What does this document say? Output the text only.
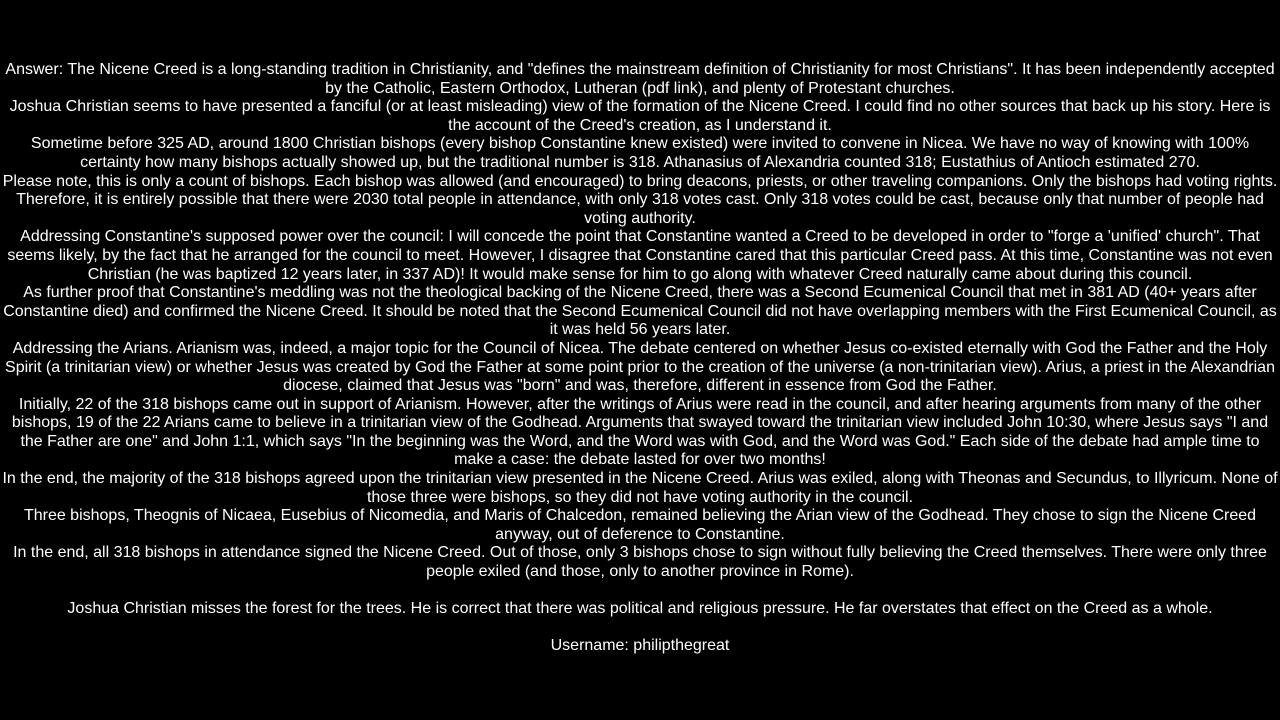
Answer: The Nicene Creed is a long-standing tradition in Christianity, and "defines the mainstream definition of Christianity for most Christians". It has been independently accepted by the Catholic, Eastern Orthodox, Lutheran (pdf link), and plenty of Protestant churches.

Joshua Christian seems to have presented a fanciful (or at least misleading) view of the formation of the Nicene Creed. I could find no other sources that back up his story. Here is the account of the Creed's creation, as I understand it.

Sometime before 325 AD, around 1800 Christian bishops (every bishop Constantine knew existed) were invited to convene in Nicea. We have no way of knowing with 100% certainty how many bishops actually showed up, but the traditional number is 318. Athanasius of Alexandria counted 318; Eustathius of Antioch estimated 270.

Please note, this is only a count of bishops. Each bishop was allowed (and encouraged) to bring deacons, priests, or other traveling companions. Only the bishops had voting rights. Therefore, it is entirely possible that there were 2030 total people in attendance, with only 318 votes cast. Only 318 votes could be cast, because only that number of people had voting authority.

Addressing Constantine's supposed power over the council: I will concede the point that Constantine wanted a Creed to be developed in order to "forge a 'unified' church". That seems likely, by the fact that he arranged for the council to meet. However, I disagree that Constantine cared that this particular Creed pass. At this time, Constantine was not even Christian (he was baptized 12 years later, in 337 AD)! It would make sense for him to go along with whatever Creed naturally came about during this council.

As further proof that Constantine's meddling was not the theological backing of the Nicene Creed, there was a Second Ecumenical Council that met in 381 AD (40+ years after Constantine died) and confirmed the Nicene Creed. It should be noted that the Second Ecumenical Council did not have overlapping members with the First Ecumenical Council, as it was held 56 years later.

Addressing the Arians. Arianism was, indeed, a major topic for the Council of Nicea. The debate centered on whether Jesus co-existed eternally with God the Father and the Holy Spirit (a trinitarian view) or whether Jesus was created by God the Father at some point prior to the creation of the universe (a non-trinitarian view). Arius, a priest in the Alexandrian diocese, claimed that Jesus was "born" and was, therefore, different in essence from God the Father.

Initially, 22 of the 318 bishops came out in support of Arianism. However, after the writings of Arius were read in the council, and after hearing arguments from many of the other bishops, 19 of the 22 Arians came to believe in a trinitarian view of the Godhead. Arguments that swayed toward the trinitarian view included John 10:30, where Jesus says "I and the Father are one" and John 1:1, which says "In the beginning was the Word, and the Word was with God, and the Word was God." Each side of the debate had ample time to make a case: the debate lasted for over two months!

In the end, the majority of the 318 bishops agreed upon the trinitarian view presented in the Nicene Creed. Arius was exiled, along with Theonas and Secundus, to Illyricum. None of those three were bishops, so they did not have voting authority in the council.

Three bishops, Theognis of Nicaea, Eusebius of Nicomedia, and Maris of Chalcedon, remained believing the Arian view of the Godhead. They chose to sign the Nicene Creed anyway, out of deference to Constantine.

In the end, all 318 bishops in attendance signed the Nicene Creed. Out of those, only 3 bishops chose to sign without fully believing the Creed themselves. There were only three people exiled (and those, only to another province in Rome).

Joshua Christian misses the forest for the trees. He is correct that there was political and religious pressure. He far overstates that effect on the Creed as a whole.

Username: philipthegreat
